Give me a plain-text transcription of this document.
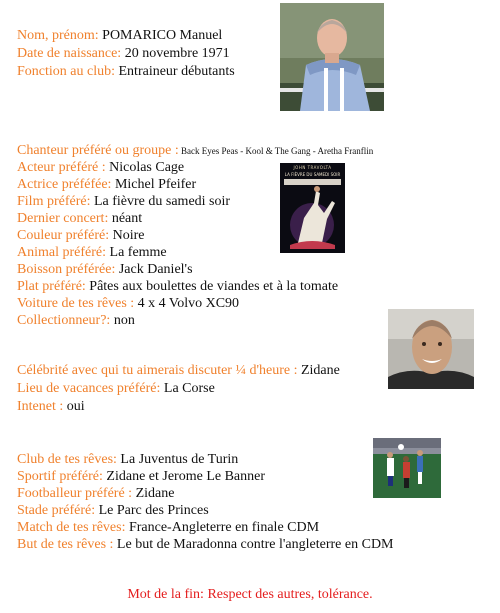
Nom, prénom: POMARICO Manuel
Date de naissance: 20 novembre 1971
Fonction au club: Entraineur débutants
Chanteur préféré ou groupe : Back Eyes Peas - Kool & The Gang - Aretha Franflin
Acteur préféré : Nicolas Cage
Actrice préféfée: Michel Pfeifer
Film préféré: La fièvre du samedi soir
Dernier concert: néant
Couleur préféré: Noire
Animal préféré: La femme
Boisson préférée: Jack Daniel's
Plat préféré: Pâtes aux boulettes de viandes et à la tomate
Voiture de tes rêves : 4 x 4 Volvo XC90
Collectionneur?: non
JOHN TRAVOLTA
LA FIÈVRE DU SAMEDI SOIR
Célébrité avec qui tu aimerais discuter ¼ d'heure : Zidane
Lieu de vacances préféré: La Corse
Intenet : oui
Club de tes rêves: La Juventus de Turin
Sportif préféré: Zidane et Jerome Le Banner
Footballeur préféré : Zidane
Stade préféré: Le Parc des Princes
Match de tes rêves: France-Angleterre en finale CDM
But de tes rêves : Le but de Maradonna contre l'angleterre en CDM
Mot de la fin: Respect des autres, tolérance.
